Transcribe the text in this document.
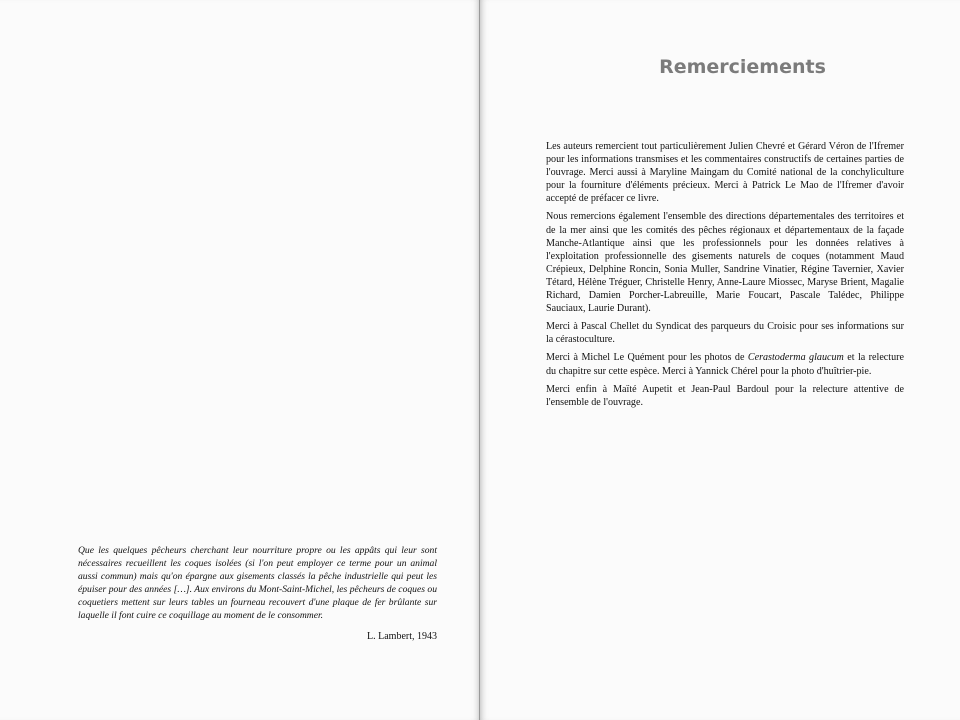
Que les quelques pêcheurs cherchant leur nourriture propre ou les appâts qui leur sont nécessaires recueillent les coques isolées (si l'on peut employer ce terme pour un animal aussi commun) mais qu'on épargne aux gisements classés la pêche industrielle qui peut les épuiser pour des années […]. Aux environs du Mont-Saint-Michel, les pêcheurs de coques ou coquetiers mettent sur leurs tables un fourneau recouvert d'une plaque de fer brûlante sur laquelle il font cuire ce coquillage au moment de le consommer.

L. Lambert, 1943

Remerciements

Les auteurs remercient tout particulièrement Julien Chevré et Gérard Véron de l'Ifremer pour les informations transmises et les commentaires constructifs de certaines parties de l'ouvrage. Merci aussi à Maryline Maingam du Comité national de la conchyliculture pour la fourniture d'éléments précieux. Merci à Patrick Le Mao de l'Ifremer d'avoir accepté de préfacer ce livre.

Nous remercions également l'ensemble des directions départementales des territoires et de la mer ainsi que les comités des pêches régionaux et départementaux de la façade Manche-Atlantique ainsi que les professionnels pour les données relatives à l'exploitation professionnelle des gisements naturels de coques (notamment Maud Crépieux, Delphine Roncin, Sonia Muller, Sandrine Vinatier, Régine Tavernier, Xavier Tétard, Hélène Tréguer, Christelle Henry, Anne-Laure Miossec, Maryse Brient, Magalie Richard, Damien Porcher-Labreuille, Marie Foucart, Pascale Talédec, Philippe Sauciaux, Laurie Durant).

Merci à Pascal Chellet du Syndicat des parqueurs du Croisic pour ses informations sur la cérastoculture.

Merci à Michel Le Quément pour les photos de Cerastoderma glaucum et la relecture du chapitre sur cette espèce. Merci à Yannick Chérel pour la photo d'huîtrier-pie.

Merci enfin à Maïté Aupetit et Jean-Paul Bardoul pour la relecture attentive de l'ensemble de l'ouvrage.
